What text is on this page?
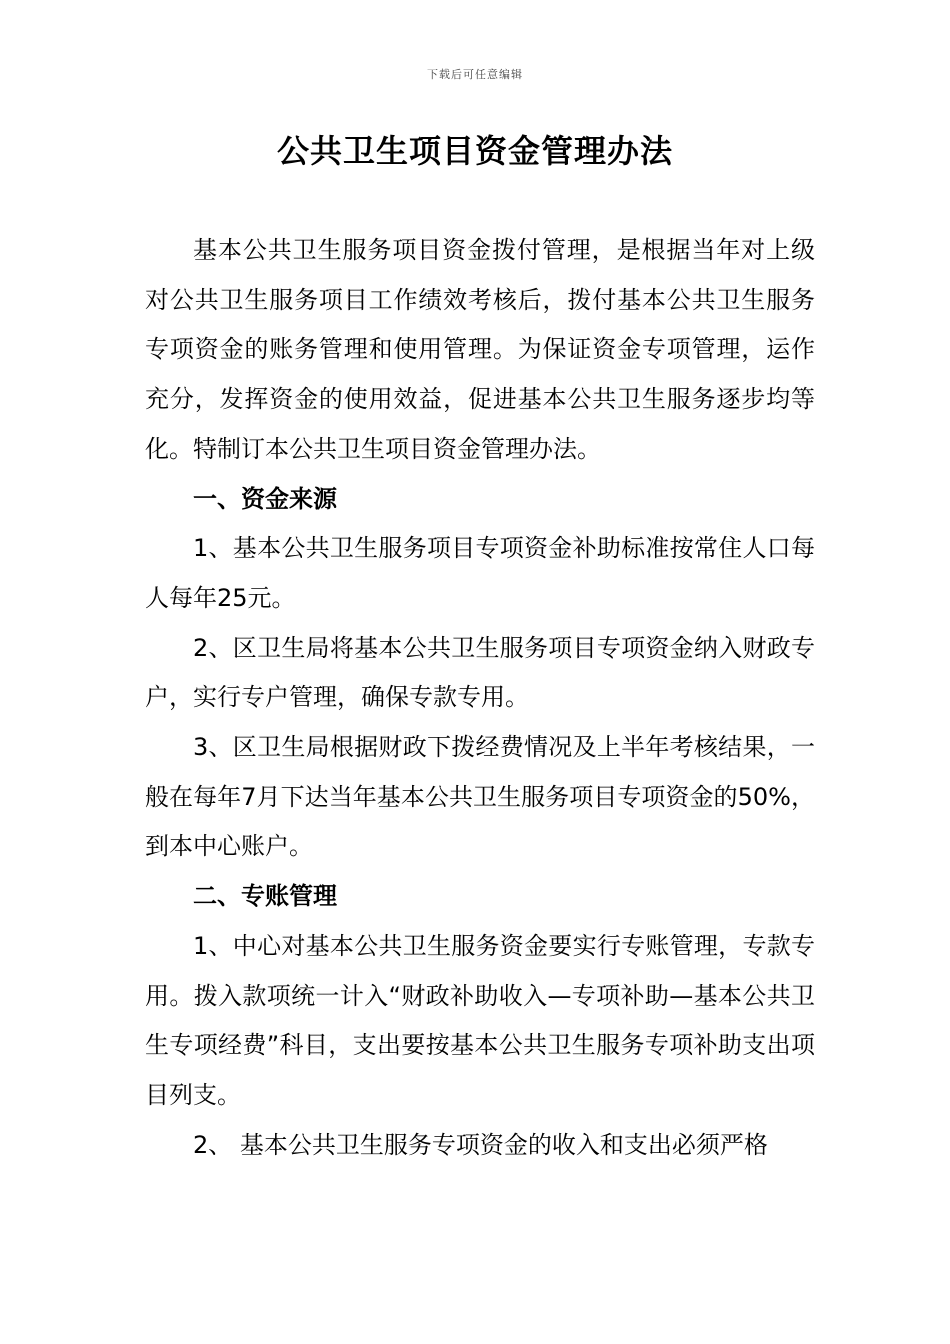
下载后可任意编辑
公共卫生项目资金管理办法

基本公共卫生服务项目资金拨付管理，是根据当年对上级对公共卫生服务项目工作绩效考核后，拨付基本公共卫生服务专项资金的账务管理和使用管理。为保证资金专项管理，运作充分，发挥资金的使用效益，促进基本公共卫生服务逐步均等化。特制订本公共卫生项目资金管理办法。

一、资金来源

1、基本公共卫生服务项目专项资金补助标准按常住人口每人每年25元。

2、区卫生局将基本公共卫生服务项目专项资金纳入财政专户，实行专户管理，确保专款专用。

3、区卫生局根据财政下拨经费情况及上半年考核结果，一般在每年7月下达当年基本公共卫生服务项目专项资金的50%，到本中心账户。

二、专账管理

1、中心对基本公共卫生服务资金要实行专账管理，专款专用。拨入款项统一计入“财政补助收入—专项补助—基本公共卫生专项经费”科目，支出要按基本公共卫生服务专项补助支出项目列支。

2、 基本公共卫生服务专项资金的收入和支出必须严格
